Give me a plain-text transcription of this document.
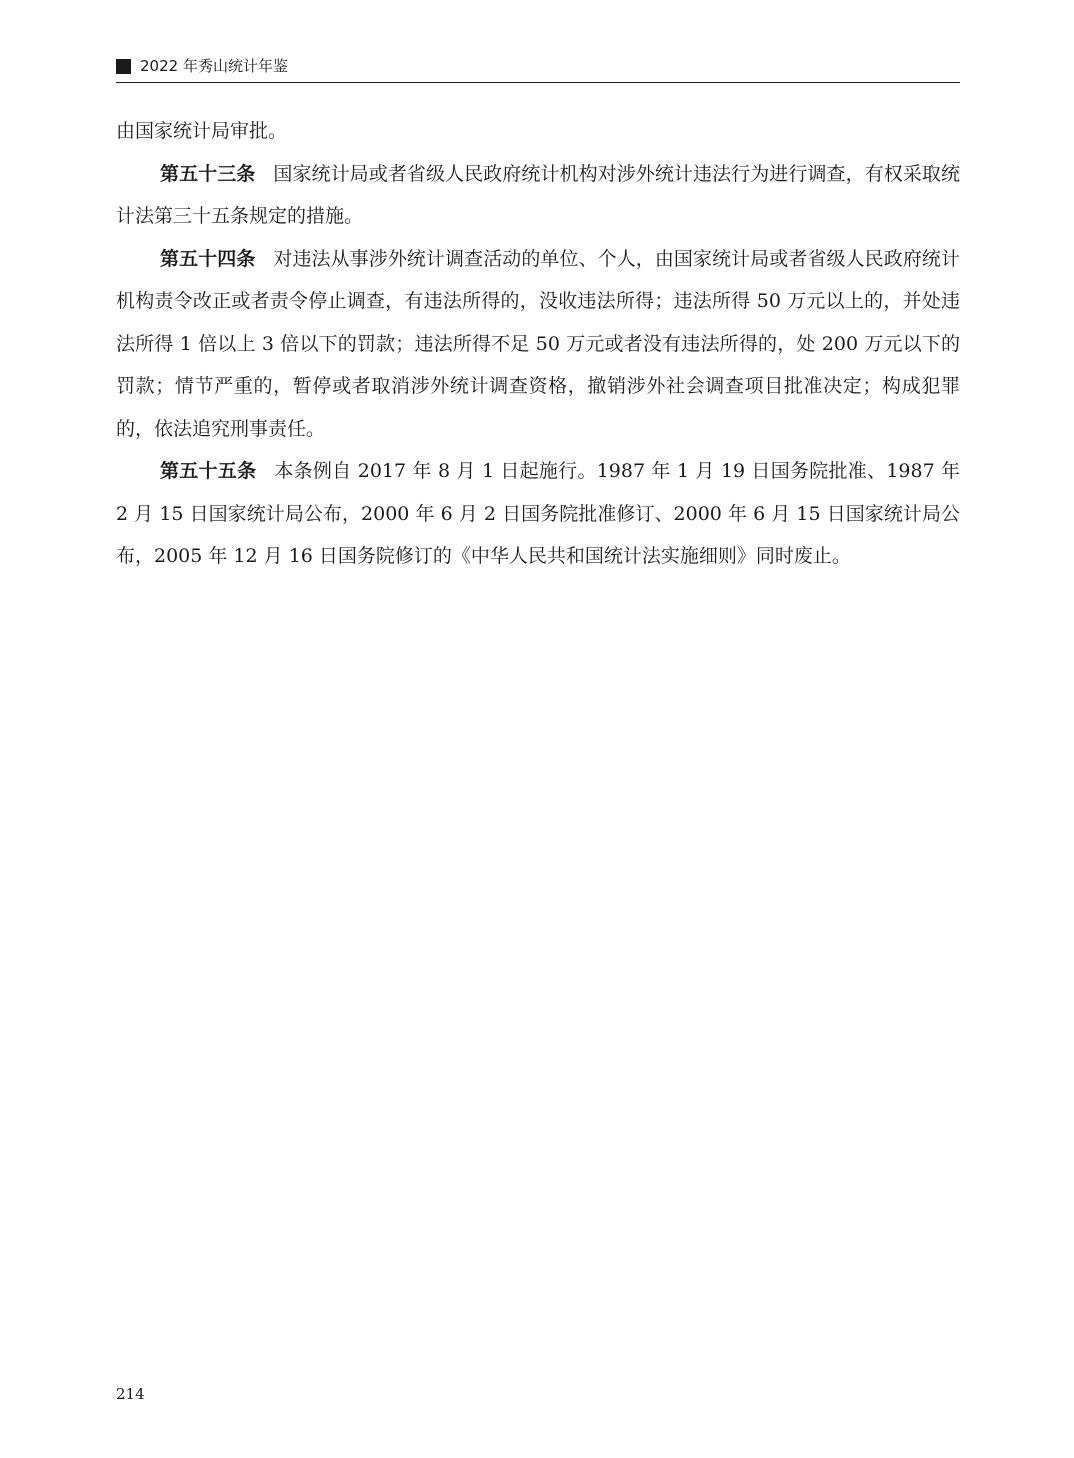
2022 年秀山统计年鉴

由国家统计局审批。

第五十三条 国家统计局或者省级人民政府统计机构对涉外统计违法行为进行调查，有权采取统计法第三十五条规定的措施。

第五十四条 对违法从事涉外统计调查活动的单位、个人，由国家统计局或者省级人民政府统计机构责令改正或者责令停止调查，有违法所得的，没收违法所得；违法所得 50 万元以上的，并处违法所得 1 倍以上 3 倍以下的罚款；违法所得不足 50 万元或者没有违法所得的，处 200 万元以下的罚款；情节严重的，暂停或者取消涉外统计调查资格，撤销涉外社会调查项目批准决定；构成犯罪的，依法追究刑事责任。

第五十五条 本条例自 2017 年 8 月 1 日起施行。1987 年 1 月 19 日国务院批准、1987 年 2 月 15 日国家统计局公布，2000 年 6 月 2 日国务院批准修订、2000 年 6 月 15 日国家统计局公布，2005 年 12 月 16 日国务院修订的《中华人民共和国统计法实施细则》同时废止。

214
